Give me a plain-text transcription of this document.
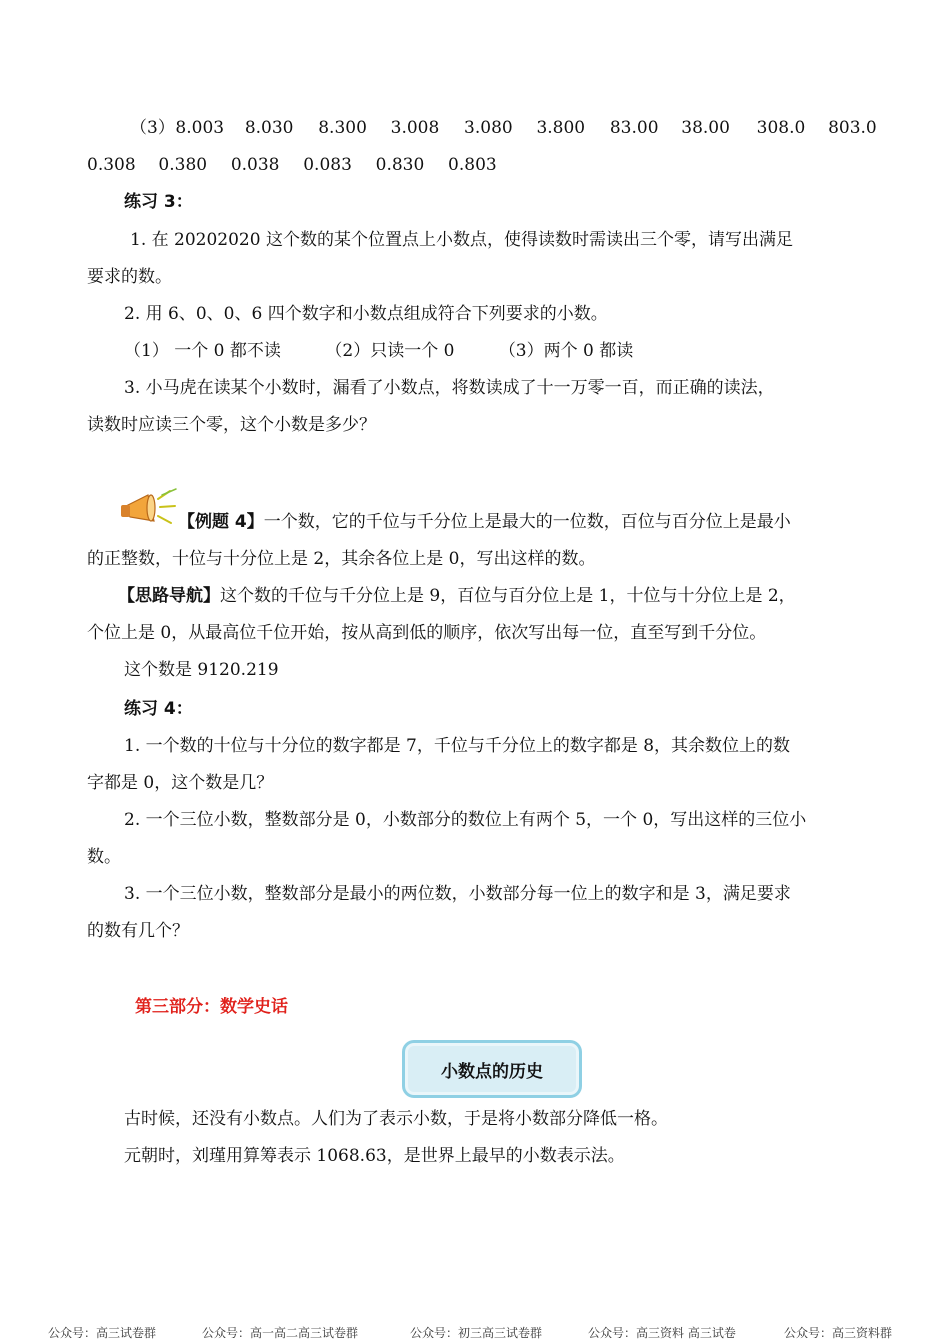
（3） 8.003 8.030 8.300 3.008 3.080 3.800 83.00 38.00 308.0 803.0
0.308 0.380 0.038 0.083 0.830 0.803
练习 3：
1. 在 20202020 这个数的某个位置点上小数点，使得读数时需读出三个零，请写出满足
要求的数。
2. 用 6、0、0、6 四个数字和小数点组成符合下列要求的小数。
（1） 一个 0 都不读	（2）只读一个 0	（3）两个 0 都读
3. 小马虎在读某个小数时，漏看了小数点，将数读成了十一万零一百，而正确的读法，
读数时应读三个零，这个小数是多少？
【例题 4】一个数，它的千位与千分位上是最大的一位数，百位与百分位上是最小
的正整数，十位与十分位上是 2，其余各位上是 0，写出这样的数。
【思路导航】这个数的千位与千分位上是 9，百位与百分位上是 1，十位与十分位上是 2，
个位上是 0，从最高位千位开始，按从高到低的顺序，依次写出每一位，直至写到千分位。
这个数是 9120.219
练习 4：
1. 一个数的十位与十分位的数字都是 7，千位与千分位上的数字都是 8，其余数位上的数
字都是 0，这个数是几？
2. 一个三位小数，整数部分是 0，小数部分的数位上有两个 5，一个 0，写出这样的三位小
数。
3. 一个三位小数，整数部分是最小的两位数，小数部分每一位上的数字和是 3，满足要求
的数有几个？
第三部分：数学史话
小数点的历史
古时候，还没有小数点。人们为了表示小数，于是将小数部分降低一格。
元朝时，刘瑾用算筹表示 1068.63，是世界上最早的小数表示法。
公众号：高三试卷群	公众号：高一高二高三试卷群	公众号：初三高三试卷群	公众号：高三资料 高三试卷	公众号：高三资料群
